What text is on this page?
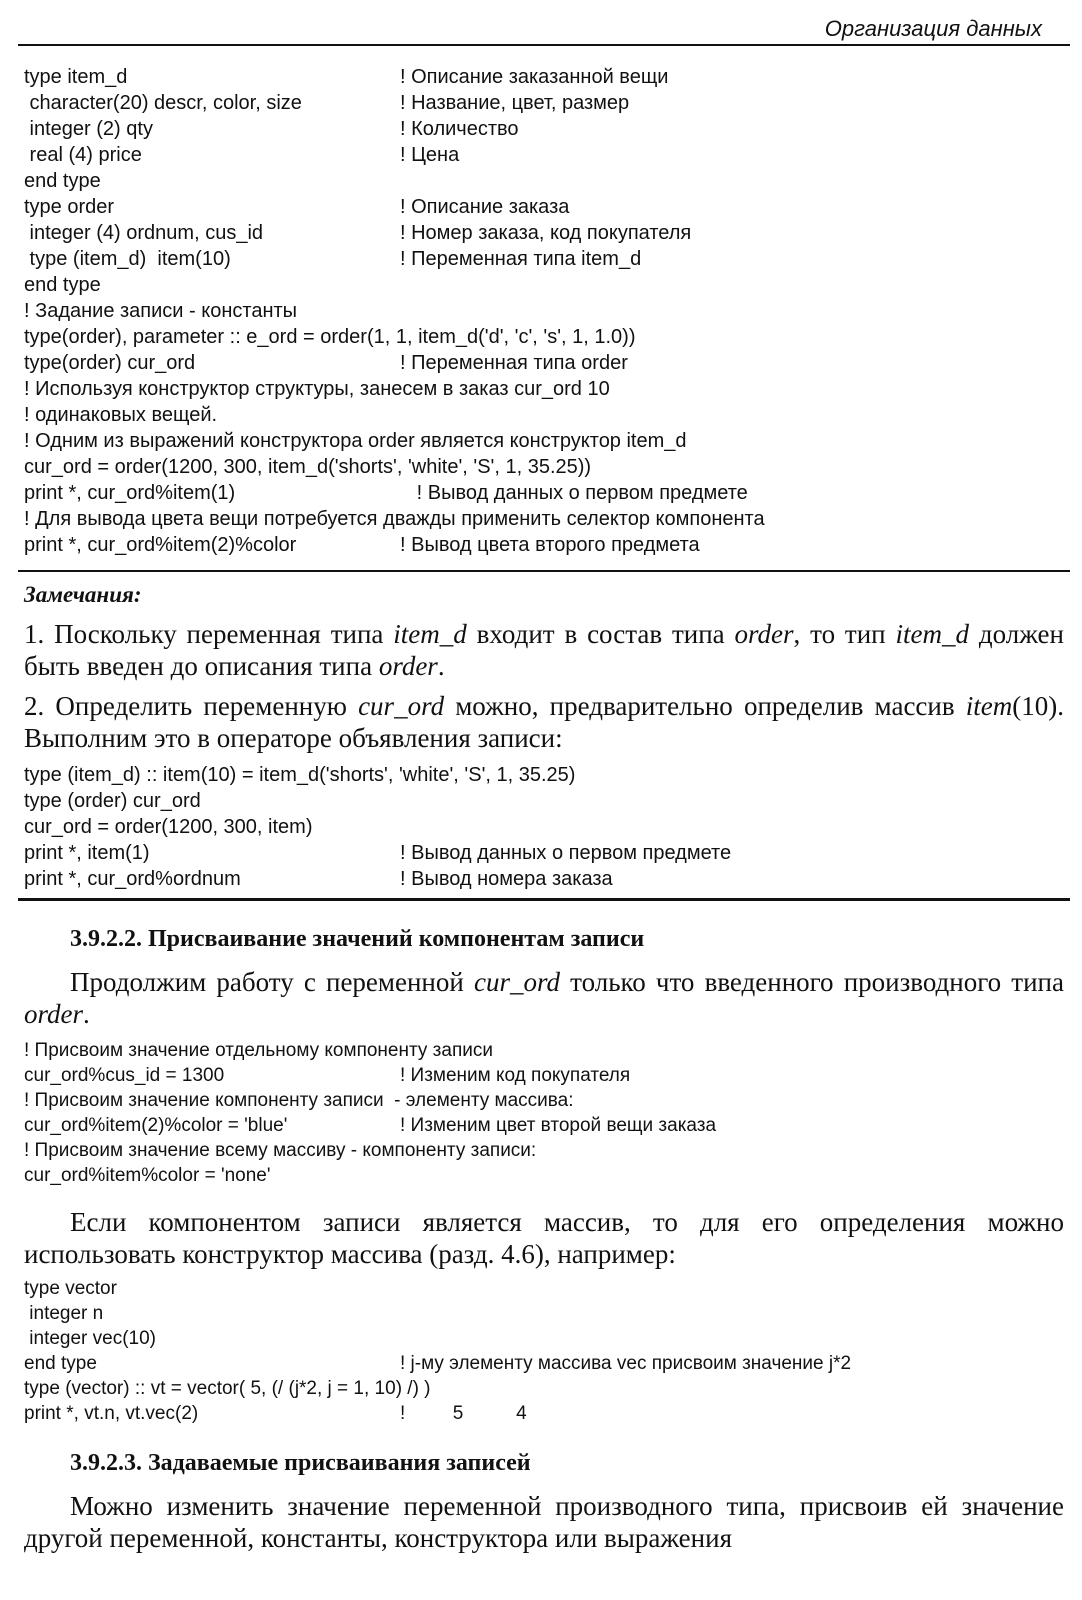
Организация данных
type item_d	! Описание заказанной вещи
character(20) descr, color, size	! Название, цвет, размер
integer (2) qty	! Количество
real (4) price	! Цена
end type
type order	! Описание заказа
integer (4) ordnum, cus_id	! Номер заказа, код покупателя
type (item_d)  item(10)	! Переменная типа item_d
end type
! Задание записи - константы
type(order), parameter :: e_ord = order(1, 1, item_d('d', 'c', 's', 1, 1.0))
type(order) cur_ord	! Переменная типа order
! Используя конструктор структуры, занесем в заказ cur_ord 10
! одинаковых вещей.
! Одним из выражений конструктора order является конструктор item_d
cur_ord = order(1200, 300, item_d('shorts', 'white', 'S', 1, 35.25))
print *, cur_ord%item(1)	! Вывод данных о первом предмете
! Для вывода цвета вещи потребуется дважды применить селектор компонента
print *, cur_ord%item(2)%color	! Вывод цвета второго предмета
Замечания:
1. Поскольку переменная типа item_d входит в состав типа order, то тип item_d должен быть введен до описания типа order.
2. Определить переменную cur_ord можно, предварительно определив массив item(10). Выполним это в операторе объявления записи:
type (item_d) :: item(10) = item_d('shorts', 'white', 'S', 1, 35.25)
type (order) cur_ord
cur_ord = order(1200, 300, item)
print *, item(1)	! Вывод данных о первом предмете
print *, cur_ord%ordnum	! Вывод номера заказа
3.9.2.2. Присваивание значений компонентам записи
Продолжим работу с переменной cur_ord только что введенного производного типа order.
! Присвоим значение отдельному компоненту записи
cur_ord%cus_id = 1300	! Изменим код покупателя
! Присвоим значение компоненту записи  - элементу массива:
cur_ord%item(2)%color = 'blue'	! Изменим цвет второй вещи заказа
! Присвоим значение всему массиву - компоненту записи:
cur_ord%item%color = 'none'
Если компонентом записи является массив, то для его определения можно использовать конструктор массива (разд. 4.6), например:
type vector
integer n
integer vec(10)
end type	! j-му элементу массива vec присвоим значение j*2
type (vector) :: vt = vector( 5, (/ (j*2, j = 1, 10) /) )
print *, vt.n, vt.vec(2)	!         5          4
3.9.2.3. Задаваемые присваивания записей
Можно изменить значение переменной производного типа, присвоив ей значение другой переменной, константы, конструктора или выражения
